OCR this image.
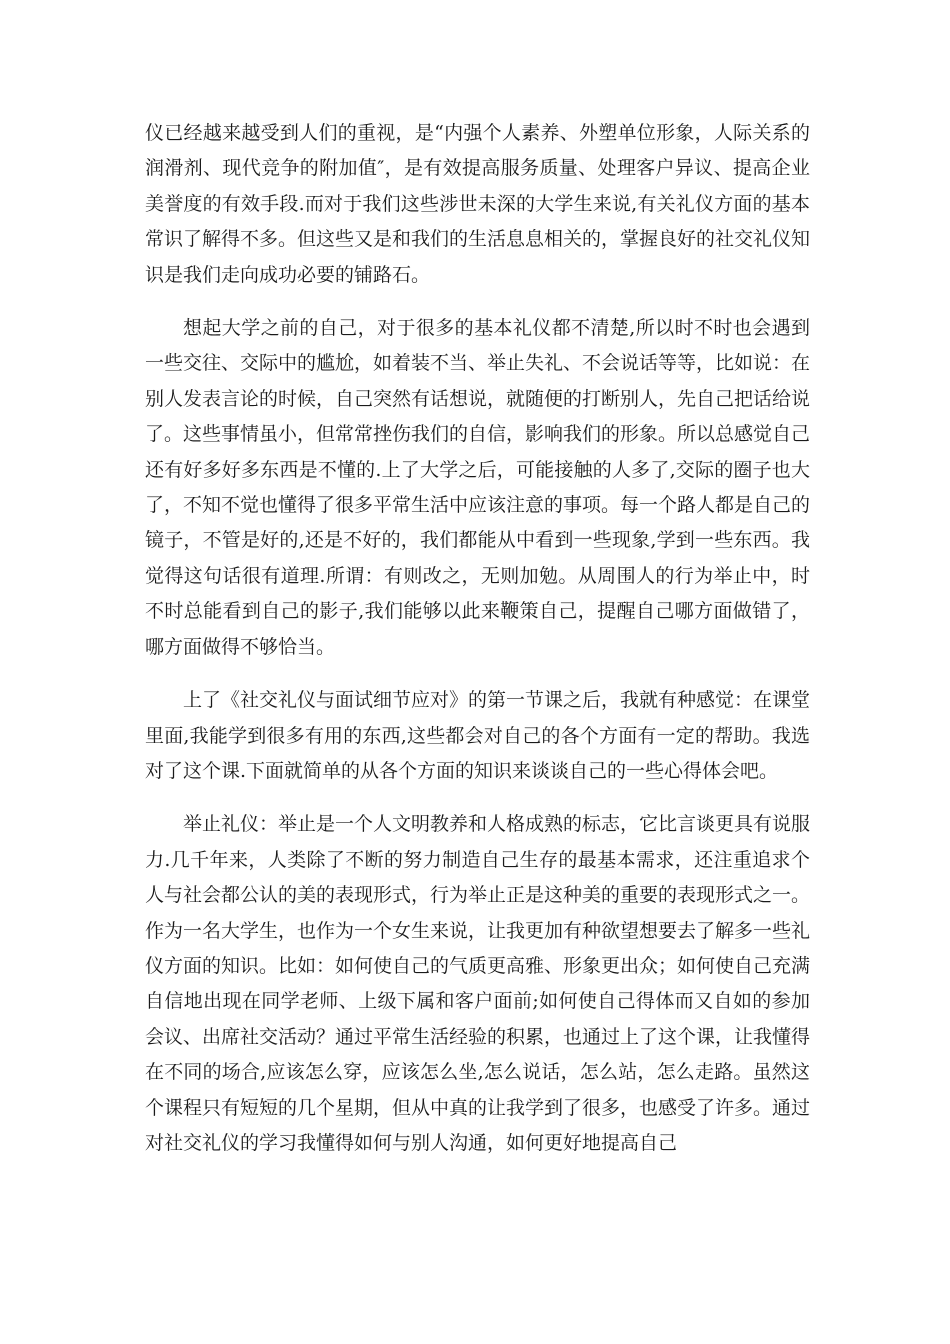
仪已经越来越受到人们的重视，是“内强个人素养、外塑单位形象，人际关系的润滑剂、现代竞争的附加值″，是有效提高服务质量、处理客户异议、提高企业美誉度的有效手段.而对于我们这些涉世未深的大学生来说,有关礼仪方面的基本常识了解得不多。但这些又是和我们的生活息息相关的，掌握良好的社交礼仪知识是我们走向成功必要的铺路石。

想起大学之前的自己，对于很多的基本礼仪都不清楚,所以时不时也会遇到一些交往、交际中的尴尬，如着装不当、举止失礼、不会说话等等，比如说：在别人发表言论的时候，自己突然有话想说，就随便的打断别人，先自己把话给说了。这些事情虽小，但常常挫伤我们的自信，影响我们的形象。所以总感觉自己还有好多好多东西是不懂的.上了大学之后，可能接触的人多了,交际的圈子也大了，不知不觉也懂得了很多平常生活中应该注意的事项。每一个路人都是自己的镜子，不管是好的,还是不好的，我们都能从中看到一些现象,学到一些东西。我觉得这句话很有道理.所谓：有则改之，无则加勉。从周围人的行为举止中，时不时总能看到自己的影子,我们能够以此来鞭策自己，提醒自己哪方面做错了，哪方面做得不够恰当。

上了《社交礼仪与面试细节应对》的第一节课之后，我就有种感觉：在课堂里面,我能学到很多有用的东西,这些都会对自己的各个方面有一定的帮助。我选对了这个课.下面就简单的从各个方面的知识来谈谈自己的一些心得体会吧。

举止礼仪：举止是一个人文明教养和人格成熟的标志，它比言谈更具有说服力.几千年来，人类除了不断的努力制造自己生存的最基本需求，还注重追求个人与社会都公认的美的表现形式，行为举止正是这种美的重要的表现形式之一。作为一名大学生，也作为一个女生来说，让我更加有种欲望想要去了解多一些礼仪方面的知识。比如：如何使自己的气质更高雅、形象更出众；如何使自己充满自信地出现在同学老师、上级下属和客户面前;如何使自己得体而又自如的参加会议、出席社交活动？通过平常生活经验的积累，也通过上了这个课，让我懂得在不同的场合,应该怎么穿，应该怎么坐,怎么说话，怎么站，怎么走路。虽然这个课程只有短短的几个星期，但从中真的让我学到了很多，也感受了许多。通过对社交礼仪的学习我懂得如何与别人沟通，如何更好地提高自己
